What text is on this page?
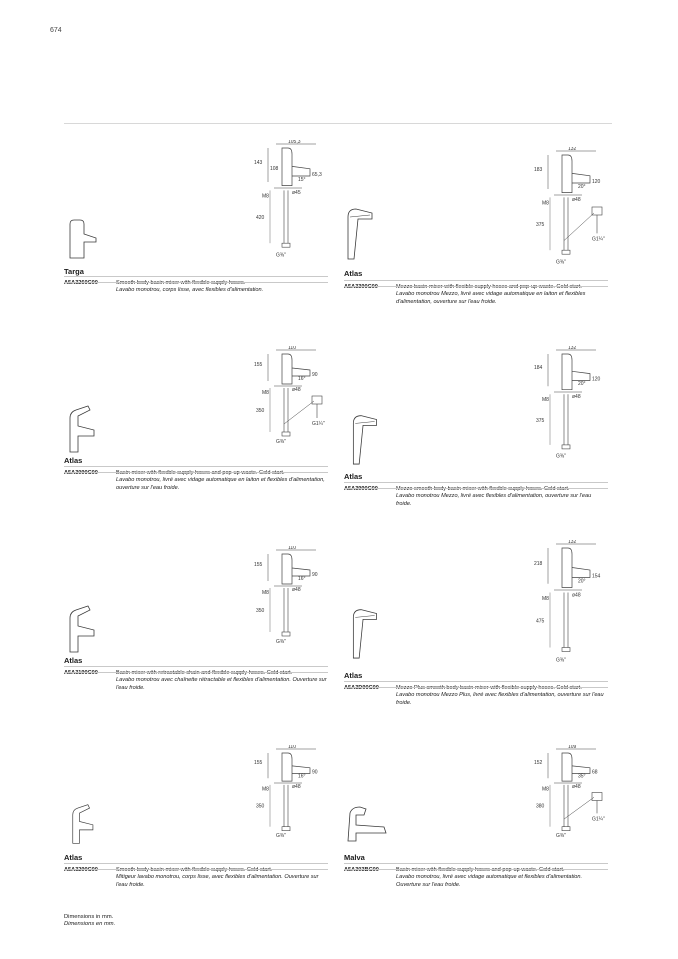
674
105,3
143
108
15°
65,3
ø45
M8
420
G⅜"
Targa
A5A3260C00	Smooth body basin mixer with flexible supply hoses.
Lavabo monotrou, corps lisse, avec flexibles d'alimentation.
132
183
20°
120
ø48
M8
375
G⅜"
G1¼"
Atlas
A5A3390C00	Mezzo basin mixer with flexible supply hoses and pop-up waste. Cold start.
Lavabo monotrou Mezzo, livré avec vidage automatique en laiton et flexibles d'alimentation, ouverture sur l'eau froide.
110
155
16°
90
ø48
M8
350
G⅜"
G1¼"
Atlas
A5A3090C00	Basin mixer with flexible supply hoses and pop-up waste. Cold start.
Lavabo monotrou, livré avec vidage automatique en laiton et flexibles d'alimentation, ouverture sur l'eau froide.
132
184
20°
120
ø48
M8
375
G⅜"
Atlas
A5A3990C00	Mezzo smooth body basin mixer with flexible supply hoses. Cold start.
Lavabo monotrou Mezzo, livré avec flexibles d'alimentation, ouverture sur l'eau froide.
110
155
16°
90
ø48
M8
350
G⅜"
Atlas
A5A3190C00	Basin mixer with retractable chain and flexible supply hoses. Cold start.
Lavabo monotrou avec chaînette rétractable et flexibles d'alimentation. Ouverture sur l'eau froide.
132
218
20°
154
ø48
M8
475
G⅜"
Atlas
A5A3D90C00	Mezzo Plus smooth body basin mixer with flexible supply hoses. Cold start.
Lavabo monotrou Mezzo Plus, livré avec flexibles d'alimentation, ouverture sur l'eau froide.
110
155
16°
90
ø48
M8
350
G⅜"
Atlas
A5A3290C00	Smooth body basin mixer with flexible supply hoses. Cold start.
Mitigeur lavabo monotrou, corps lisse, avec flexibles d'alimentation. Ouverture sur l'eau froide.
109
152
35°
68
ø48
M8
380
G⅜"
G1¼"
Malva
A5A303BC00	Basin mixer with flexible supply hoses and pop-up waste. Cold start.
Lavabo monotrou, livré avec vidage automatique et flexibles d'alimentation. Ouverture sur l'eau froide.
Dimensions in mm.
Dimensions en mm.
